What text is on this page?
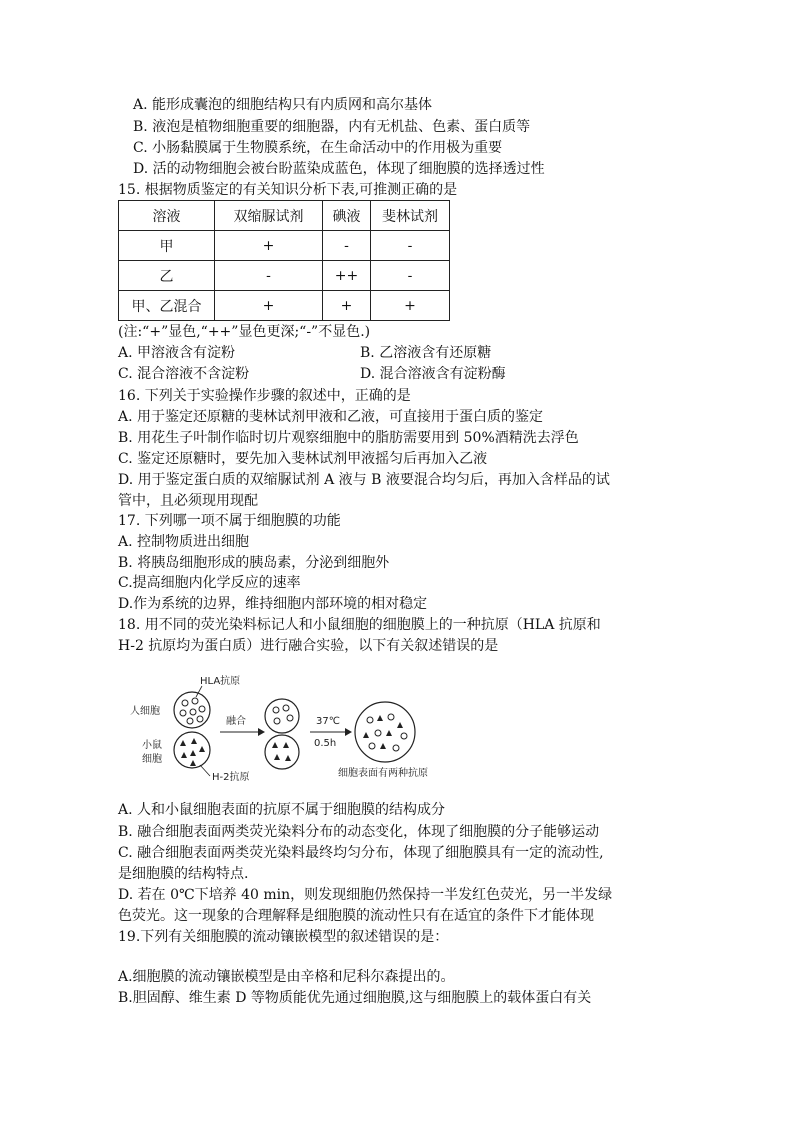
A. 能形成囊泡的细胞结构只有内质网和高尔基体
B. 液泡是植物细胞重要的细胞器，内有无机盐、色素、蛋白质等
C. 小肠黏膜属于生物膜系统，在生命活动中的作用极为重要
D. 活的动物细胞会被台盼蓝染成蓝色，体现了细胞膜的选择透过性
15. 根据物质鉴定的有关知识分析下表,可推测正确的是
溶液	双缩脲试剂	碘液	斐林试剂
甲	+	-	-
乙	-	++	-
甲、乙混合	+	+	+
(注:“+”显色,“++”显色更深;“-”不显色.)
A. 甲溶液含有淀粉	B. 乙溶液含有还原糖
C. 混合溶液不含淀粉	D. 混合溶液含有淀粉酶
16. 下列关于实验操作步骤的叙述中，正确的是
A. 用于鉴定还原糖的斐林试剂甲液和乙液，可直接用于蛋白质的鉴定
B. 用花生子叶制作临时切片观察细胞中的脂肪需要用到 50%酒精洗去浮色
C. 鉴定还原糖时，要先加入斐林试剂甲液摇匀后再加入乙液
D. 用于鉴定蛋白质的双缩脲试剂 A 液与 B 液要混合均匀后，再加入含样品的试
管中，且必须现用现配
17. 下列哪一项不属于细胞膜的功能
A. 控制物质进出细胞
B. 将胰岛细胞形成的胰岛素，分泌到细胞外
C.提高细胞内化学反应的速率
D.作为系统的边界，维持细胞内部环境的相对稳定
18. 用不同的荧光染料标记人和小鼠细胞的细胞膜上的一种抗原（HLA 抗原和
H-2 抗原均为蛋白质）进行融合实验，以下有关叙述错误的是
HLA抗原
人细胞
小鼠
细胞
H-2抗原
融合	37℃
0.5h
细胞表面有两种抗原
A. 人和小鼠细胞表面的抗原不属于细胞膜的结构成分
B. 融合细胞表面两类荧光染料分布的动态变化，体现了细胞膜的分子能够运动
C. 融合细胞表面两类荧光染料最终均匀分布，体现了细胞膜具有一定的流动性,
是细胞膜的结构特点.
D. 若在 0℃下培养 40 min，则发现细胞仍然保持一半发红色荧光，另一半发绿
色荧光。这一现象的合理解释是细胞膜的流动性只有在适宜的条件下才能体现
19.下列有关细胞膜的流动镶嵌模型的叙述错误的是：
A.细胞膜的流动镶嵌模型是由辛格和尼科尔森提出的。
B.胆固醇、维生素 D 等物质能优先通过细胞膜,这与细胞膜上的载体蛋白有关
